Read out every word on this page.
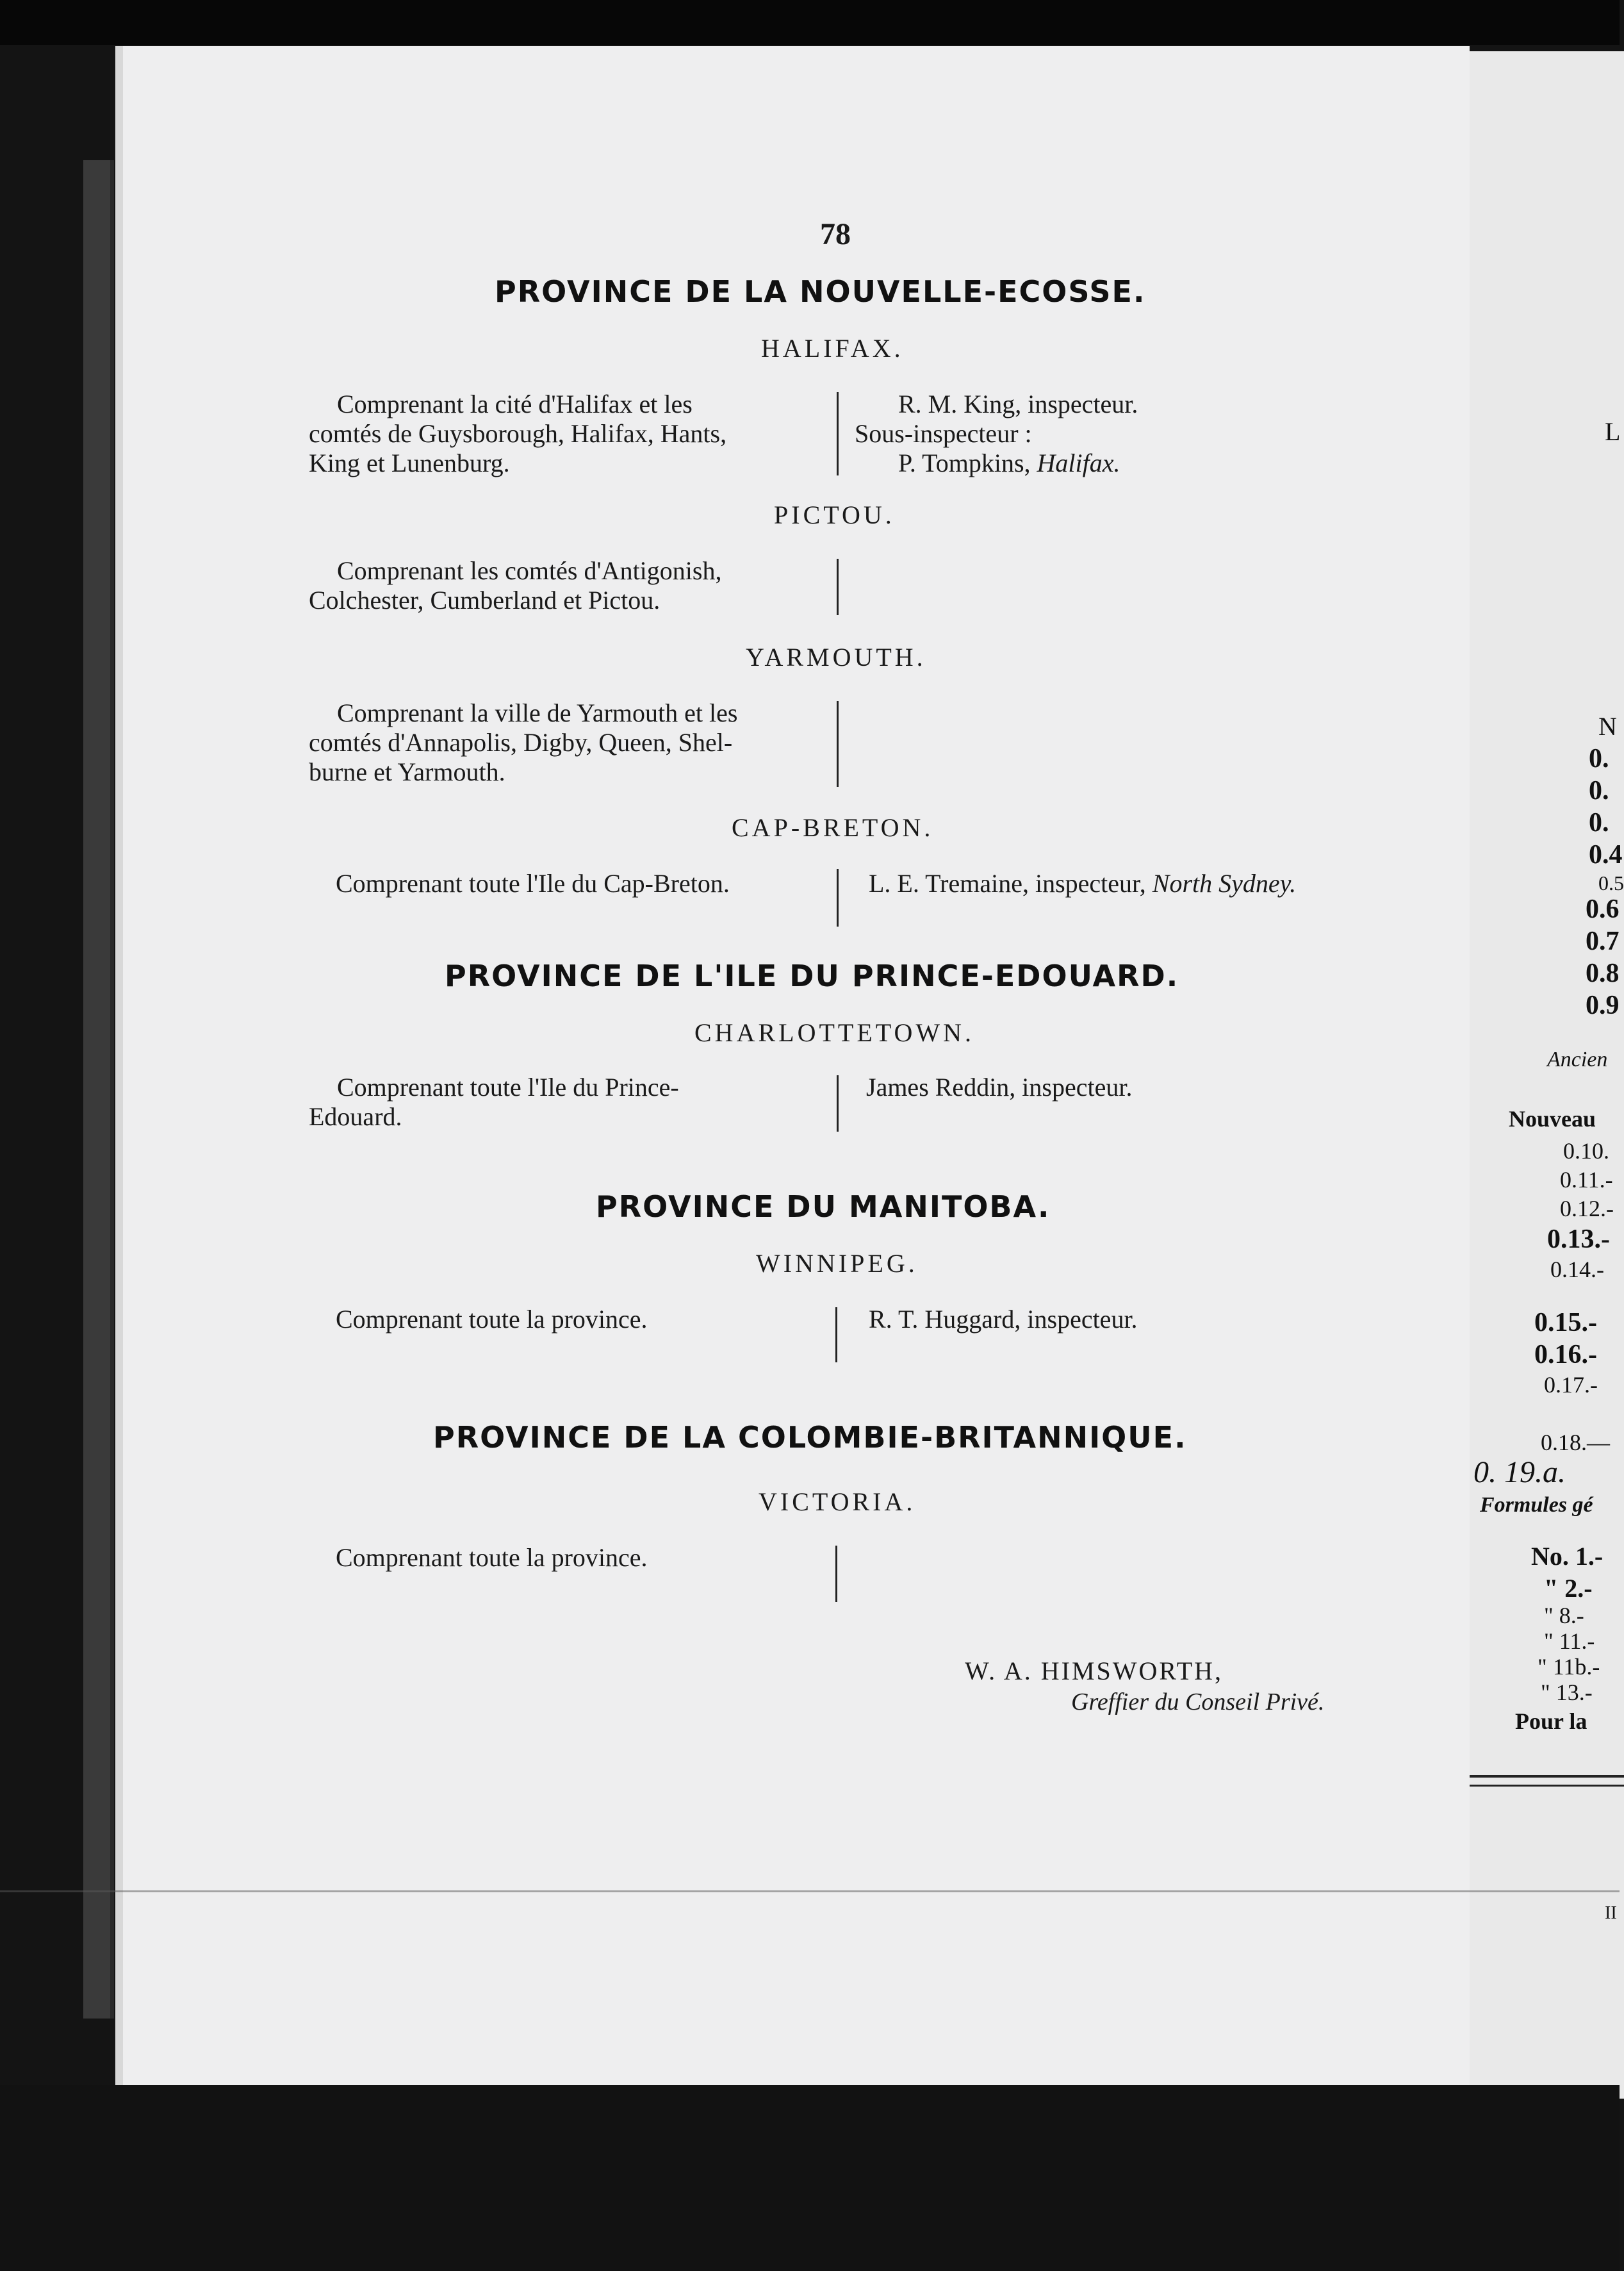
L
N
0.
0.
0.
0.4
0.5
0.6
0.7
0.8
0.9
Ancien
Nouveau
0.10.
0.11.-
0.12.-
0.13.-
0.14.-
0.15.-
0.16.-
0.17.-
0.18.—
0. 19.a.
Formules gé
No. 1.-
" 2.-
" 8.-
" 11.-
" 11b.-
" 13.-
Pour la
II
78
PROVINCE DE LA NOUVELLE-ECOSSE.
HALIFAX.

Comprenant la cité d'Halifax et les

comtés de Guysborough, Halifax, Hants,

King et Lunenburg.

R. M. King, inspecteur.
Sous-inspecteur :
P. Tompkins, Halifax.
PICTOU.

Comprenant les comtés d'Antigonish,

Colchester, Cumberland et Pictou.

YARMOUTH.

Comprenant la ville de Yarmouth et les

comtés d'Annapolis, Digby, Queen, Shel-

burne et Yarmouth.

CAP-BRETON.

Comprenant toute l'Ile du Cap-Breton.	L. E. Tremaine, inspecteur, North Sydney.
PROVINCE DE L'ILE DU PRINCE-EDOUARD.
CHARLOTTETOWN.

Comprenant toute l'Ile du Prince-

Edouard.

James Reddin, inspecteur.
PROVINCE DU MANITOBA.
WINNIPEG.

Comprenant toute la province.	R. T. Huggard, inspecteur.
PROVINCE DE LA COLOMBIE-BRITANNIQUE.
VICTORIA.

Comprenant toute la province.

W. A. HIMSWORTH,
Greffier du Conseil Privé.
